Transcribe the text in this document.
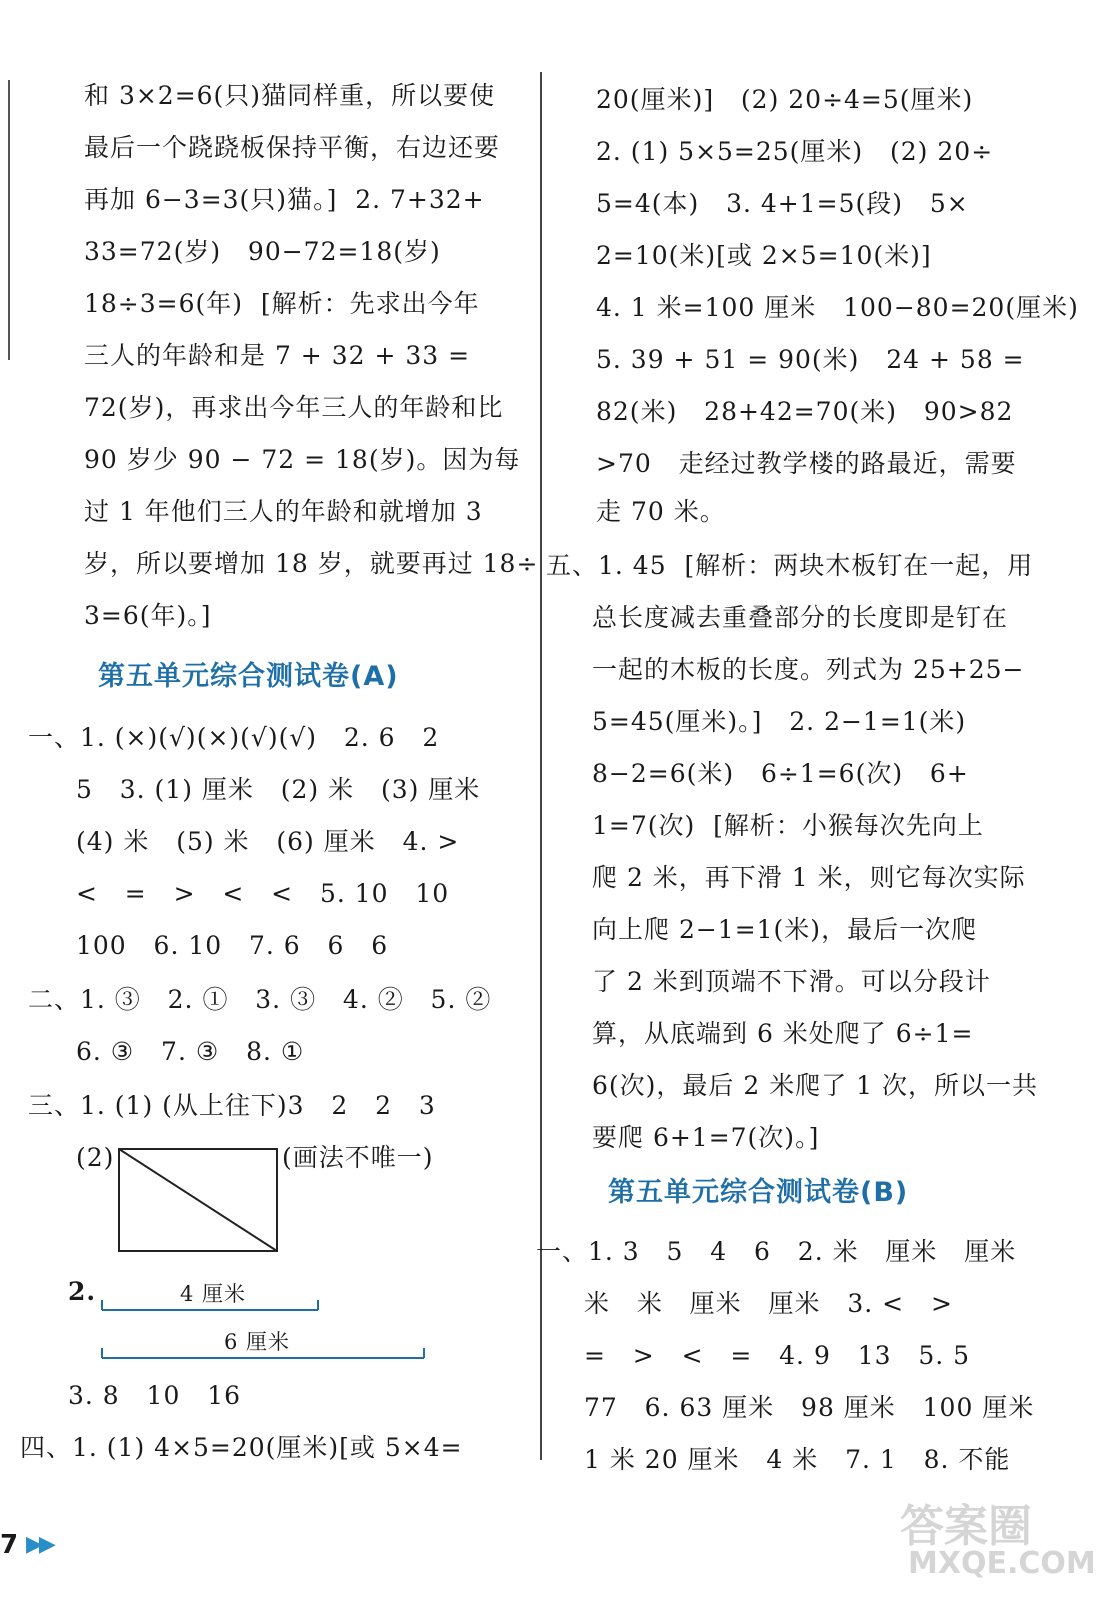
和 3×2=6(只)猫同样重，所以要使
最后一个跷跷板保持平衡，右边还要
再加 6−3=3(只)猫。]  2. 7+32+
33=72(岁)   90−72=18(岁)
18÷3=6(年)  [解析：先求出今年
三人的年龄和是 7 + 32 + 33 =
72(岁)，再求出今年三人的年龄和比
90 岁少 90 − 72 = 18(岁)。因为每
过 1 年他们三人的年龄和就增加 3
岁，所以要增加 18 岁，就要再过 18÷
3=6(年)。]
第五单元综合测试卷(A)
一、1. (×)(√)(×)(√)(√)   2. 6   2
5   3. (1) 厘米   (2) 米   (3) 厘米
(4) 米   (5) 米   (6) 厘米   4. >
<   =   >   <   <   5. 10   10
100   6. 10   7. 6   6   6
二、1. ③   2. ①   3. ③   4. ②   5. ②
6. ③   7. ③   8. ①
三、1. (1) (从上往下)3   2   2   3
(2)	(画法不唯一)
2.	4 厘米
6 厘米
3. 8   10   16
四、1. (1) 4×5=20(厘米)[或 5×4=
20(厘米)]   (2) 20÷4=5(厘米)
2. (1) 5×5=25(厘米)   (2) 20÷
5=4(本)   3. 4+1=5(段)   5×
2=10(米)[或 2×5=10(米)]
4. 1 米=100 厘米   100−80=20(厘米)
5. 39 + 51 = 90(米)   24 + 58 =
82(米)   28+42=70(米)   90>82
>70   走经过教学楼的路最近，需要
走 70 米。
五、1. 45  [解析：两块木板钉在一起，用
总长度减去重叠部分的长度即是钉在
一起的木板的长度。列式为 25+25−
5=45(厘米)。]   2. 2−1=1(米)
8−2=6(米)   6÷1=6(次)   6+
1=7(次)  [解析：小猴每次先向上
爬 2 米，再下滑 1 米，则它每次实际
向上爬 2−1=1(米)，最后一次爬
了 2 米到顶端不下滑。可以分段计
算，从底端到 6 米处爬了 6÷1=
6(次)，最后 2 米爬了 1 次，所以一共
要爬 6+1=7(次)。]
第五单元综合测试卷(B)
一、1. 3   5   4   6   2. 米   厘米   厘米
米   米   厘米   厘米   3. <   >
=   >   <   =   4. 9   13   5. 5
77   6. 63 厘米   98 厘米   100 厘米
1 米 20 厘米   4 米   7. 1   8. 不能
7 ▶▶	答案圈
MXQE.COM
